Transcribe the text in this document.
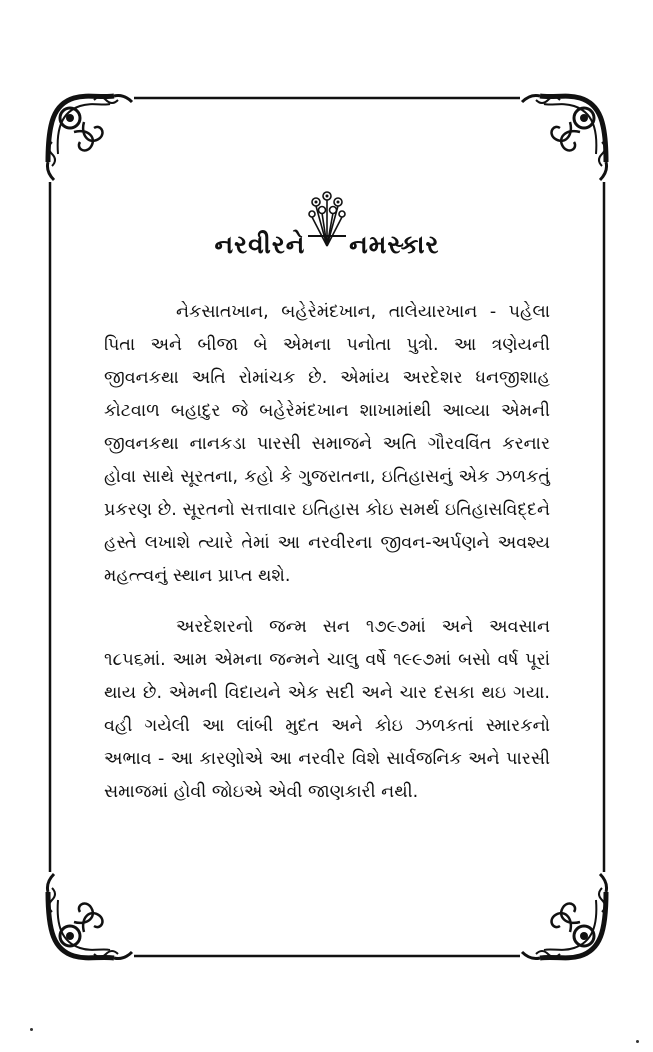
નરવીરને નમસ્કાર

નેકસાતખાન, બહેરેમંદખાન, તાલેયારખાન - પહેલા પિતા અને બીજા બે એમના પનોતા પુત્રો. આ ત્રણેયની જીવનકથા અતિ રોમાંચક છે. એમાંય અરદેશર ધનજીશાહ કોટવાળ બહાદુર જે બહેરેમંદખાન શાખામાંથી આવ્યા એમની જીવનકથા નાનકડા પારસી સમાજને અતિ ગૌરવવિંત કરનાર હોવા સાથે સૂરતના, કહો કે ગુજરાતના, ઇતિહાસનું એક ઝળકતું પ્રકરણ છે. સૂરતનો સત્તાવાર ઇતિહાસ કોઇ સમર્થ ઇતિહાસવિદ્દને હસ્તે લખાશે ત્યારે તેમાં આ નરવીરના જીવન-અર્પણને અવશ્ય મહત્ત્વનું સ્થાન પ્રાપ્ત થશે.

અરદેશરનો જન્મ સન ૧૭૯૭માં અને અવસાન ૧૮૫૬માં. આમ એમના જન્મને ચાલુ વર્ષે ૧૯૯૭માં બસો વર્ષ પૂરાં થાય છે. એમની વિદાયને એક સદી અને ચાર દસકા થઇ ગયા. વહી ગયેલી આ લાંબી મુદત અને કોઇ ઝળકતાં સ્મારકનો અભાવ - આ કારણોએ આ નરવીર વિશે સાર્વજનિક અને પારસી સમાજમાં હોવી જોઇએ એવી જાણકારી નથી.
